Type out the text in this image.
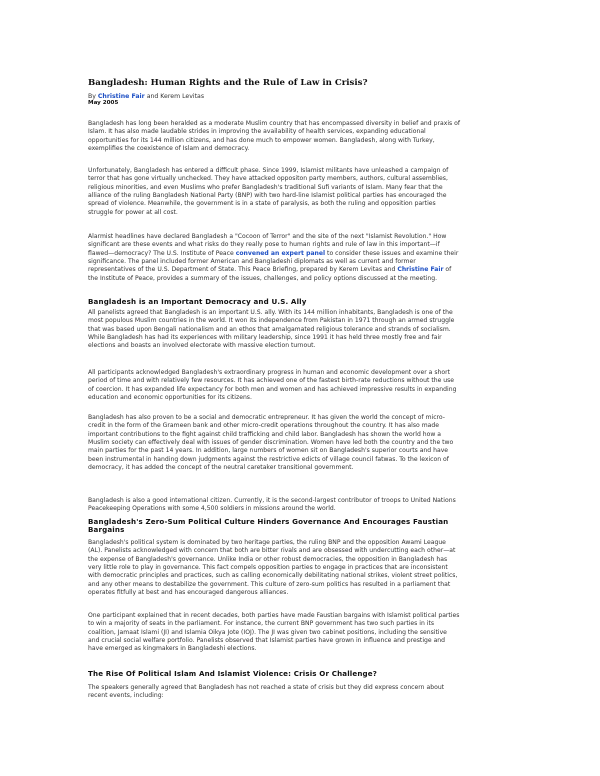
Bangladesh: Human Rights and the Rule of Law in Crisis?
By Christine Fair and Kerem Levitas
May 2005
Bangladesh has long been heralded as a moderate Muslim country that has encompassed diversity in belief and praxis of
Islam. It has also made laudable strides in improving the availability of health services, expanding educational
opportunities for its 144 million citizens, and has done much to empower women. Bangladesh, along with Turkey,
exemplifies the coexistence of Islam and democracy.
Unfortunately, Bangladesh has entered a difficult phase. Since 1999, Islamist militants have unleashed a campaign of
terror that has gone virtually unchecked. They have attacked oppositon party members, authors, cultural assemblies,
religious minorities, and even Muslims who prefer Bangladesh's traditional Sufi variants of Islam. Many fear that the
alliance of the ruling Bangladesh National Party (BNP) with two hard-line Islamist political parties has encouraged the
spread of violence. Meanwhile, the government is in a state of paralysis, as both the ruling and opposition parties
struggle for power at all cost.
Alarmist headlines have declared Bangladesh a "Cocoon of Terror" and the site of the next "Islamist Revolution." How
significant are these events and what risks do they really pose to human rights and rule of law in this important—if
flawed—democracy? The U.S. Institute of Peace convened an expert panel to consider these issues and examine their
significance. The panel included former American and Bangladeshi diplomats as well as current and former
representatives of the U.S. Department of State. This Peace Briefing, prepared by Kerem Levitas and Christine Fair of
the Institute of Peace, provides a summary of the issues, challenges, and policy options discussed at the meeting.
Bangladesh is an Important Democracy and U.S. Ally
All panelists agreed that Bangladesh is an important U.S. ally. With its 144 million inhabitants, Bangladesh is one of the
most populous Muslim countries in the world. It won its independence from Pakistan in 1971 through an armed struggle
that was based upon Bengali nationalism and an ethos that amalgamated religious tolerance and strands of socialism.
While Bangladesh has had its experiences with military leadership, since 1991 it has held three mostly free and fair
elections and boasts an involved electorate with massive election turnout.
All participants acknowledged Bangladesh's extraordinary progress in human and economic development over a short
period of time and with relatively few resources. It has achieved one of the fastest birth-rate reductions without the use
of coercion. It has expanded life expectancy for both men and women and has achieved impressive results in expanding
education and economic opportunities for its citizens.
Bangladesh has also proven to be a social and democratic entrepreneur. It has given the world the concept of micro-
credit in the form of the Grameen bank and other micro-credit operations throughout the country. It has also made
important contributions to the fight against child trafficking and child labor. Bangladesh has shown the world how a
Muslim society can effectively deal with issues of gender discrimination. Women have led both the country and the two
main parties for the past 14 years. In addition, large numbers of women sit on Bangladesh's superior courts and have
been instrumental in handing down judgments against the restrictive edicts of village council fatwas. To the lexicon of
democracy, it has added the concept of the neutral caretaker transitional government.
Bangladesh is also a good international citizen. Currently, it is the second-largest contributor of troops to United Nations
Peacekeeping Operations with some 4,500 soldiers in missions around the world.
Bangladesh's Zero-Sum Political Culture Hinders Governance And Encourages Faustian
Bargains
Bangladesh's political system is dominated by two heritage parties, the ruling BNP and the opposition Awami League
(AL). Panelists acknowledged with concern that both are bitter rivals and are obsessed with undercutting each other—at
the expense of Bangladesh's governance. Unlike India or other robust democracies, the opposition in Bangladesh has
very little role to play in governance. This fact compels opposition parties to engage in practices that are inconsistent
with democratic principles and practices, such as calling economically debilitating national strikes, violent street politics,
and any other means to destabilize the government. This culture of zero-sum politics has resulted in a parliament that
operates fitfully at best and has encouraged dangerous alliances.
One participant explained that in recent decades, both parties have made Faustian bargains with Islamist political parties
to win a majority of seats in the parliament. For instance, the current BNP government has two such parties in its
coalition, Jamaat Islami (JI) and Islamia Oikya Jote (IOJ). The JI was given two cabinet positions, including the sensitive
and crucial social welfare portfolio. Panelists observed that Islamist parties have grown in influence and prestige and
have emerged as kingmakers in Bangladeshi elections.
The Rise Of Political Islam And Islamist Violence: Crisis Or Challenge?
The speakers generally agreed that Bangladesh has not reached a state of crisis but they did express concern about
recent events, including:
